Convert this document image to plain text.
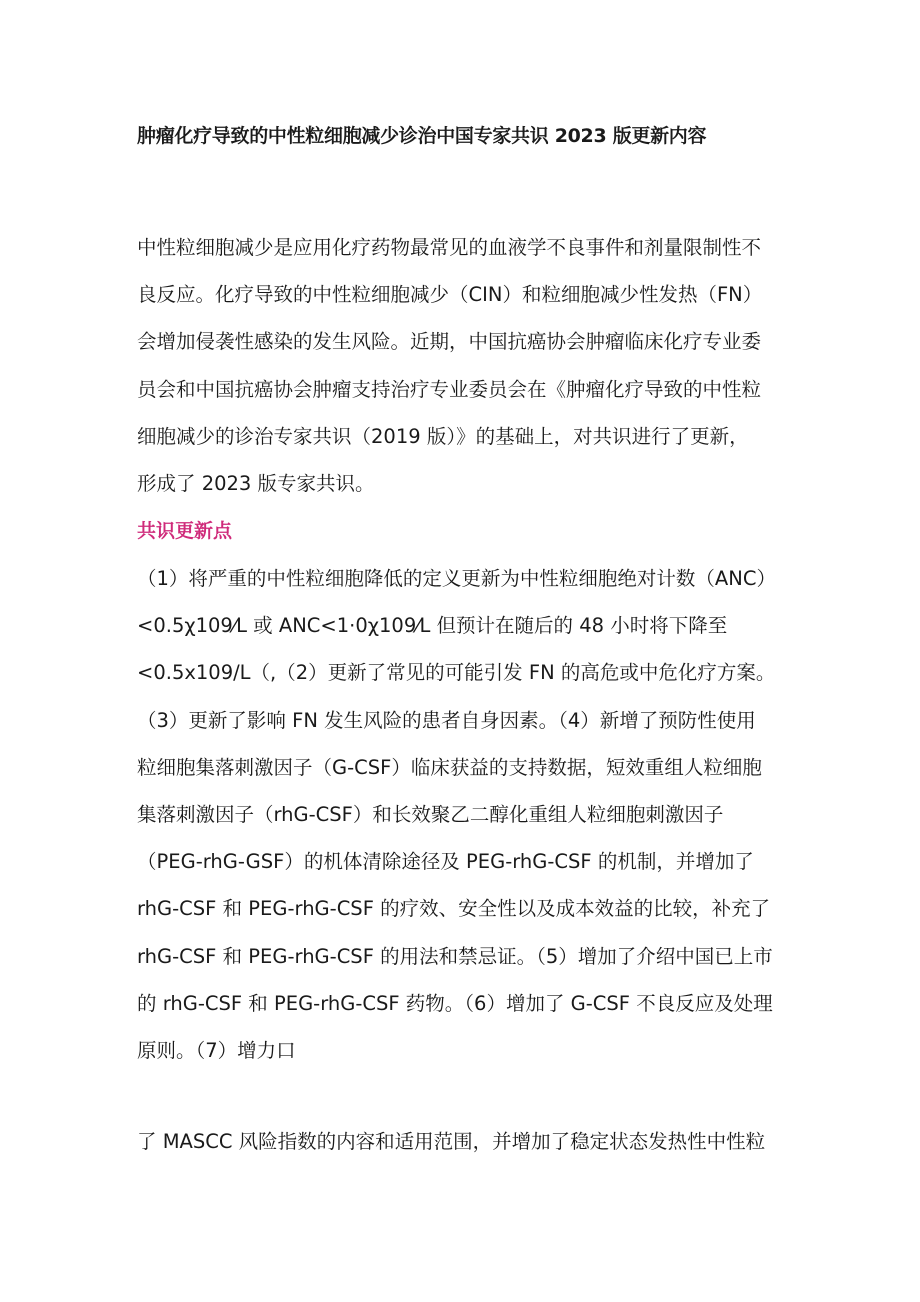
肿瘤化疗导致的中性粒细胞减少诊治中国专家共识 2023 版更新内容
中性粒细胞减少是应用化疗药物最常见的血液学不良事件和剂量限制性不
良反应。化疗导致的中性粒细胞减少（CIN）和粒细胞减少性发热（FN）
会增加侵袭性感染的发生风险。近期，中国抗癌协会肿瘤临床化疗专业委
员会和中国抗癌协会肿瘤支持治疗专业委员会在《肿瘤化疗导致的中性粒
细胞减少的诊治专家共识（2019 版）》的基础上，对共识进行了更新，
形成了 2023 版专家共识。
共识更新点
（1）将严重的中性粒细胞降低的定义更新为中性粒细胞绝对计数（ANC）
<0.5χ109⁄L 或 ANC<1·0χ109⁄L 但预计在随后的 48 小时将下降至
<0.5x109/L（,（2）更新了常见的可能引发 FN 的高危或中危化疗方案。
（3）更新了影响 FN 发生风险的患者自身因素。（4）新增了预防性使用
粒细胞集落刺激因子（G-CSF）临床获益的支持数据，短效重组人粒细胞
集落刺激因子（rhG-CSF）和长效聚乙二醇化重组人粒细胞刺激因子
（PEG-rhG-GSF）的机体清除途径及 PEG-rhG-CSF 的机制，并增加了
rhG-CSF 和 PEG-rhG-CSF 的疗效、安全性以及成本效益的比较，补充了
rhG-CSF 和 PEG-rhG-CSF 的用法和禁忌证。（5）增加了介绍中国已上市
的 rhG-CSF 和 PEG-rhG-CSF 药物。（6）增加了 G-CSF 不良反应及处理
原则。（7）增力口
了 MASCC 风险指数的内容和适用范围，并增加了稳定状态发热性中性粒
